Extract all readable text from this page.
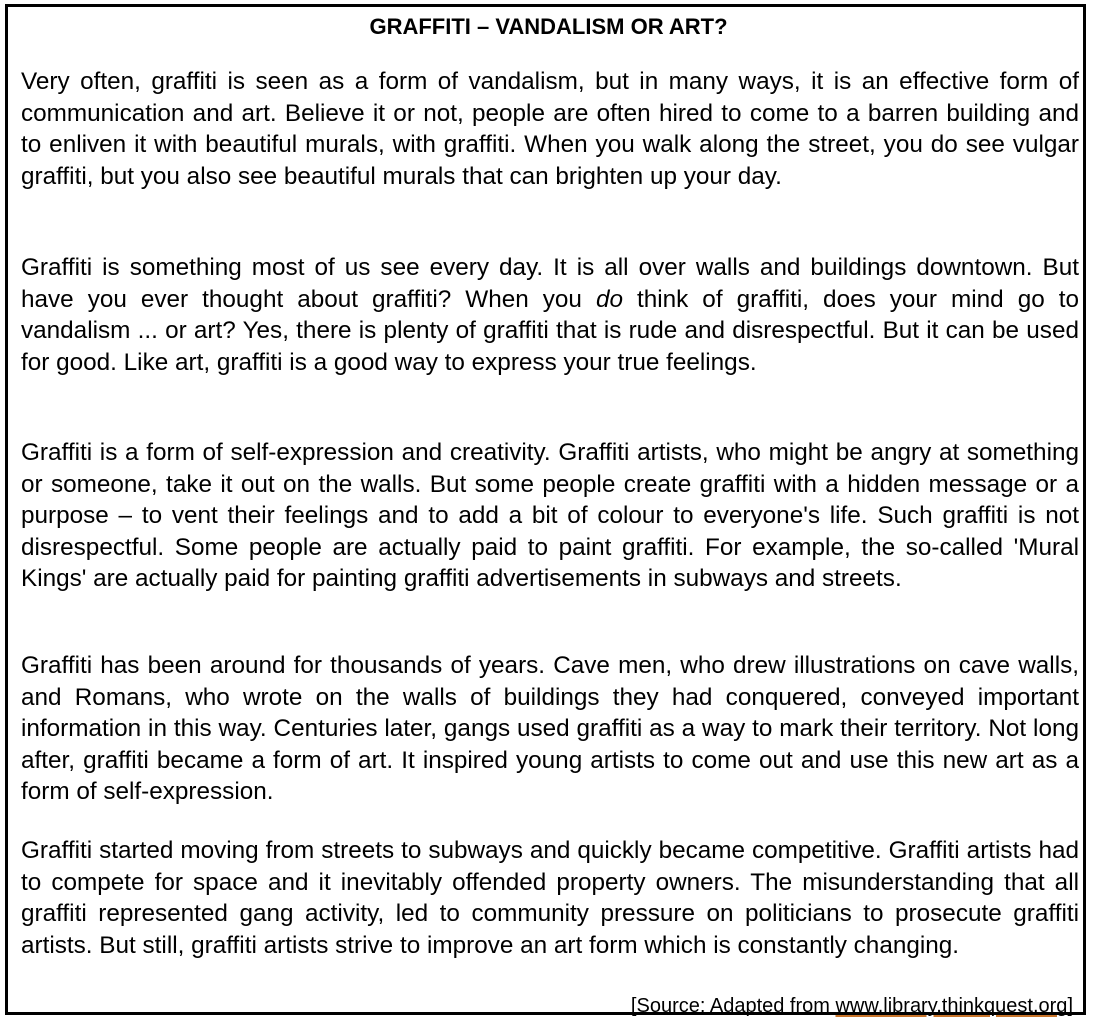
GRAFFITI – VANDALISM OR ART?

Very often, graffiti is seen as a form of vandalism, but in many ways, it is an effective form of communication and art. Believe it or not, people are often hired to come to a barren building and to enliven it with beautiful murals, with graffiti. When you walk along the street, you do see vulgar graffiti, but you also see beautiful murals that can brighten up your day.

Graffiti is something most of us see every day. It is all over walls and buildings downtown. But have you ever thought about graffiti? When you do think of graffiti, does your mind go to vandalism ... or art? Yes, there is plenty of graffiti that is rude and disrespectful. But it can be used for good. Like art, graffiti is a good way to express your true feelings.

Graffiti is a form of self-expression and creativity. Graffiti artists, who might be angry at something or someone, take it out on the walls. But some people create graffiti with a hidden message or a purpose – to vent their feelings and to add a bit of colour to everyone's life. Such graffiti is not disrespectful. Some people are actually paid to paint graffiti. For example, the so-called 'Mural Kings' are actually paid for painting graffiti advertisements in subways and streets.

Graffiti has been around for thousands of years. Cave men, who drew illustrations on cave walls, and Romans, who wrote on the walls of buildings they had conquered, conveyed important information in this way. Centuries later, gangs used graffiti as a way to mark their territory. Not long after, graffiti became a form of art. It inspired young artists to come out and use this new art as a form of self-expression.

Graffiti started moving from streets to subways and quickly became competitive. Graffiti artists had to compete for space and it inevitably offended property owners. The misunderstanding that all graffiti represented gang activity, led to community pressure on politicians to prosecute graffiti artists. But still, graffiti artists strive to improve an art form which is constantly changing.

[Source: Adapted from www.library.thinkquest.org]
